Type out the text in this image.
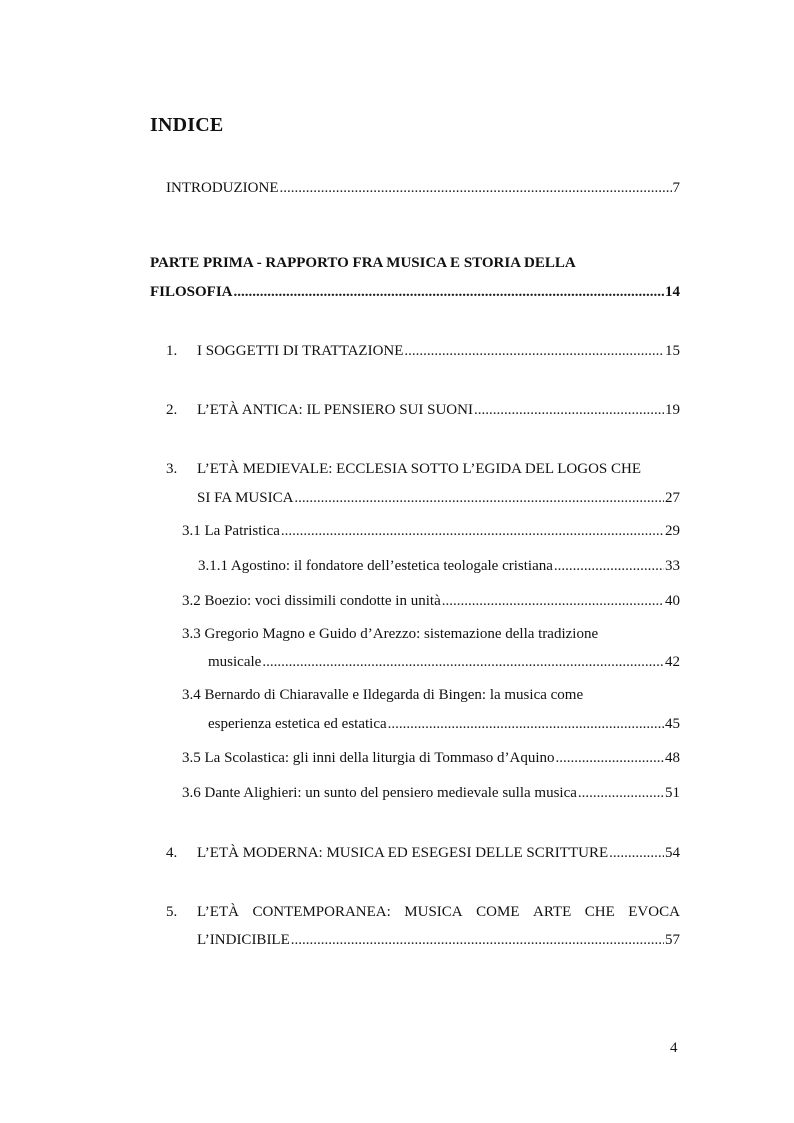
INDICE
INTRODUZIONE .....	7
PARTE PRIMA - RAPPORTO FRA MUSICA E STORIA DELLA
FILOSOFIA .....	14
1.	I SOGGETTI DI TRATTAZIONE .....	15
2.	L’ETÀ ANTICA: IL PENSIERO SUI SUONI .....	19
3.	L’ETÀ MEDIEVALE: ECCLESIA SOTTO L’EGIDA DEL LOGOS CHE
SI FA MUSICA .....	27
3.1 La Patristica .....	29
3.1.1 Agostino: il fondatore dell’estetica teologale cristiana .....	33
3.2 Boezio: voci dissimili condotte in unità .....	40
3.3 Gregorio Magno e Guido d’Arezzo: sistemazione della tradizione
musicale .....	42
3.4 Bernardo di Chiaravalle e Ildegarda di Bingen: la musica come
esperienza estetica ed estatica .....	45
3.5 La Scolastica: gli inni della liturgia di Tommaso d’Aquino .....	48
3.6 Dante Alighieri: un sunto del pensiero medievale sulla musica .....	51
4.	L’ETÀ MODERNA: MUSICA ED ESEGESI DELLE SCRITTURE .....	54
5.	L’ETÀ CONTEMPORANEA: MUSICA COME ARTE CHE EVOCA
L’INDICIBILE .....	57
4
